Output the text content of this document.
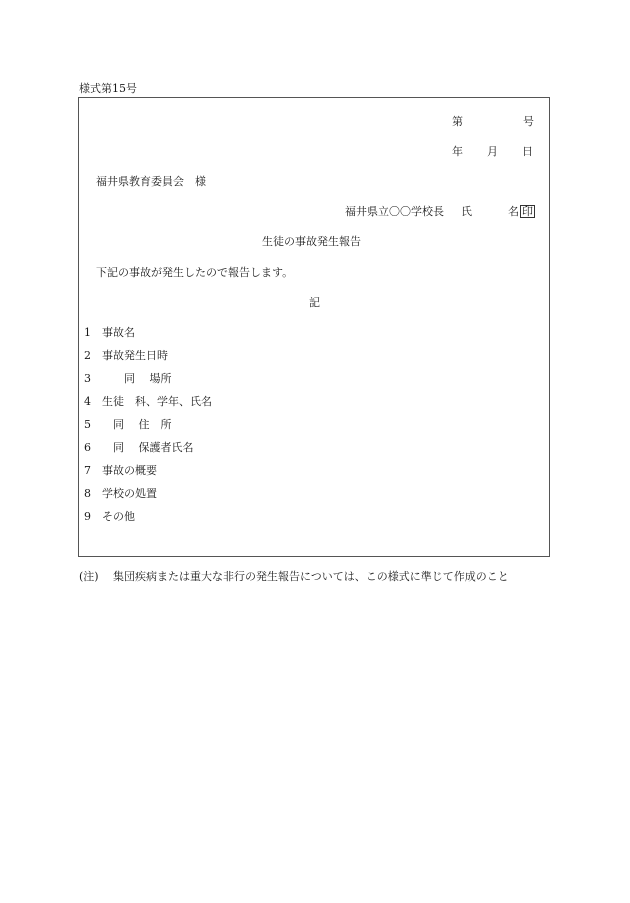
様式第15号
第	号
年 月 日
福井県教育委員会　様
福井県立〇〇学校長 氏	名 印
生徒の事故発生報告
下記の事故が発生したので報告します。
記
1 事故名
2 事故発生日時
3　　同　 場所
4 生徒　科、学年、氏名
5　同　 住　所
6　同　 保護者氏名
7 事故の概要
8 学校の処置
9 その他
(注) 集団疾病または重大な非行の発生報告については、この様式に準じて作成のこと
